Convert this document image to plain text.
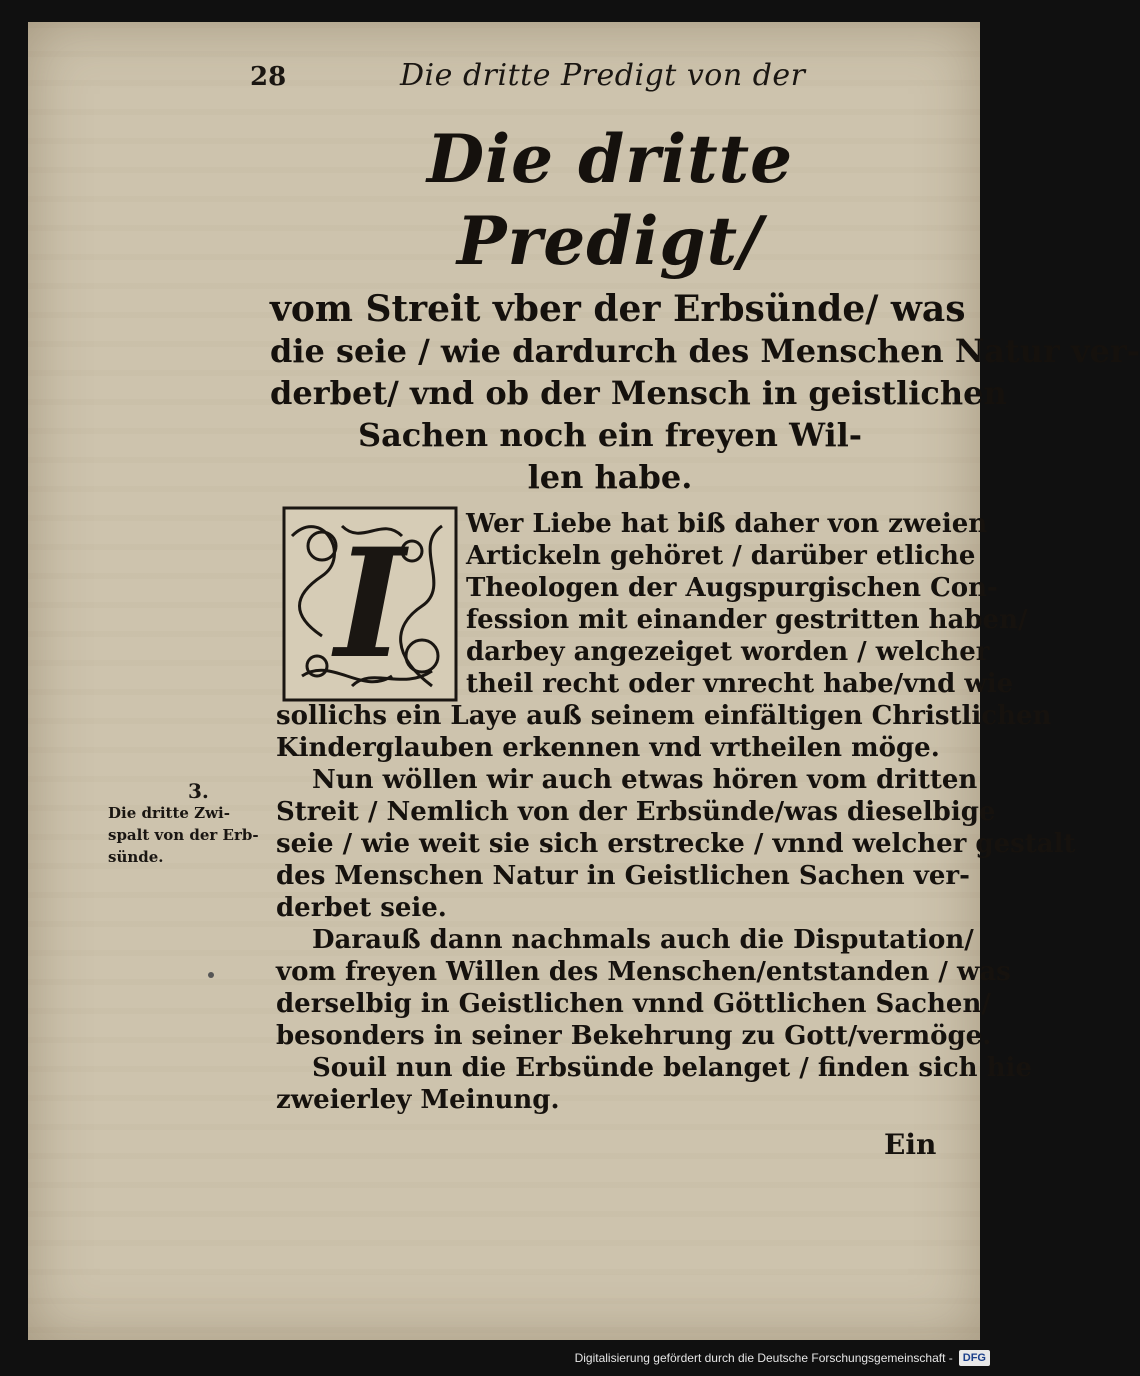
28	Die dritte Predigt von der
Die dritte Predigt/
vom Streit vber der Erbsünde/ was
die seie / wie dardurch des Menschen Natur ver-
derbet/ vnd ob der Mensch in geistlichen
Sachen noch ein freyen Wil-
len habe.
I	Wer Liebe hat biß daher von zweien
Artickeln gehöret / darüber etliche
Theologen der Augspurgischen Con-
fession mit einander gestritten haben/
darbey angezeiget worden / welcher
theil recht oder vnrecht habe/vnd wie
sollichs ein Laye auß seinem einfältigen Christlichen
Kinderglauben erkennen vnd vrtheilen möge.
Nun wöllen wir auch etwas hören vom dritten
Streit / Nemlich von der Erbsünde/was dieselbige
seie / wie weit sie sich erstrecke / vnnd welcher gestalt
des Menschen Natur in Geistlichen Sachen ver-
derbet seie.
Darauß dann nachmals auch die Disputation/
vom freyen Willen des Menschen/entstanden / was
derselbig in Geistlichen vnnd Göttlichen Sachen/
besonders in seiner Bekehrung zu Gott/vermöge.
Souil nun die Erbsünde belanget / finden sich hie
zweierley Meinung.
3.
Die dritte Zwi-
spalt von der Erb-
sünde.
Ein
Digitalisierung gefördert durch die Deutsche Forschungsgemeinschaft - DFG
